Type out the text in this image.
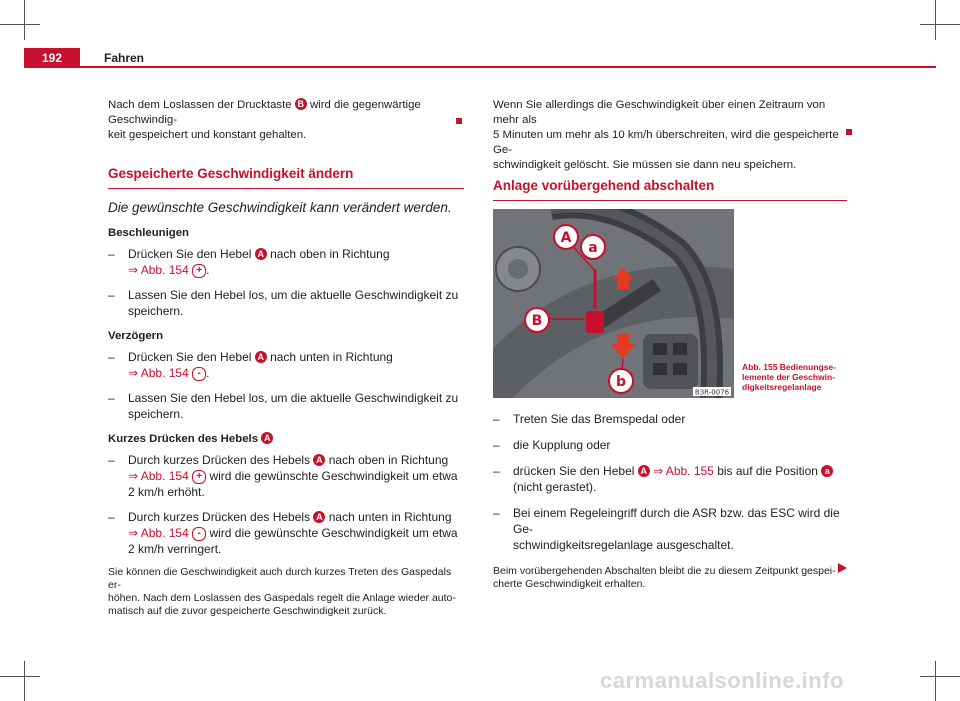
192	Fahren

Nach dem Loslassen der Drucktaste B wird die gegenwärtige Geschwindig-
keit gespeichert und konstant gehalten.

Gespeicherte Geschwindigkeit ändern
Die gewünschte Geschwindigkeit kann verändert werden.
Beschleunigen
– Drücken Sie den Hebel A nach oben in Richtung
⇒ Abb. 154 + .
– Lassen Sie den Hebel los, um die aktuelle Geschwindigkeit zu
speichern.
Verzögern
– Drücken Sie den Hebel A nach unten in Richtung
⇒ Abb. 154 - .
– Lassen Sie den Hebel los, um die aktuelle Geschwindigkeit zu
speichern.
Kurzes Drücken des Hebels A
– Durch kurzes Drücken des Hebels A nach oben in Richtung
⇒ Abb. 154 + wird die gewünschte Geschwindigkeit um etwa
2 km/h erhöht.
– Durch kurzes Drücken des Hebels A nach unten in Richtung
⇒ Abb. 154 - wird die gewünschte Geschwindigkeit um etwa
2 km/h verringert.

Sie können die Geschwindigkeit auch durch kurzes Treten des Gaspedals er-
höhen. Nach dem Loslassen des Gaspedals regelt die Anlage wieder auto-
matisch auf die zuvor gespeicherte Geschwindigkeit zurück.

Wenn Sie allerdings die Geschwindigkeit über einen Zeitraum von mehr als
5 Minuten um mehr als 10 km/h überschreiten, wird die gespeicherte Ge-
schwindigkeit gelöscht. Sie müssen sie dann neu speichern.

Anlage vorübergehend abschalten
A
a
B
b
B3R-0076
Abb. 155 Bedienungse-
lemente der Geschwin-
digkeitsregelanlage
– Treten Sie das Bremspedal oder
– die Kupplung oder
– drücken Sie den Hebel A ⇒ Abb. 155 bis auf die Position a
(nicht gerastet).
– Bei einem Regeleingriff durch die ASR bzw. das ESC wird die Ge-
schwindigkeitsregelanlage ausgeschaltet.

Beim vorübergehenden Abschalten bleibt die zu diesem Zeitpunkt gespei-
cherte Geschwindigkeit erhalten.

carmanualsonline.info
